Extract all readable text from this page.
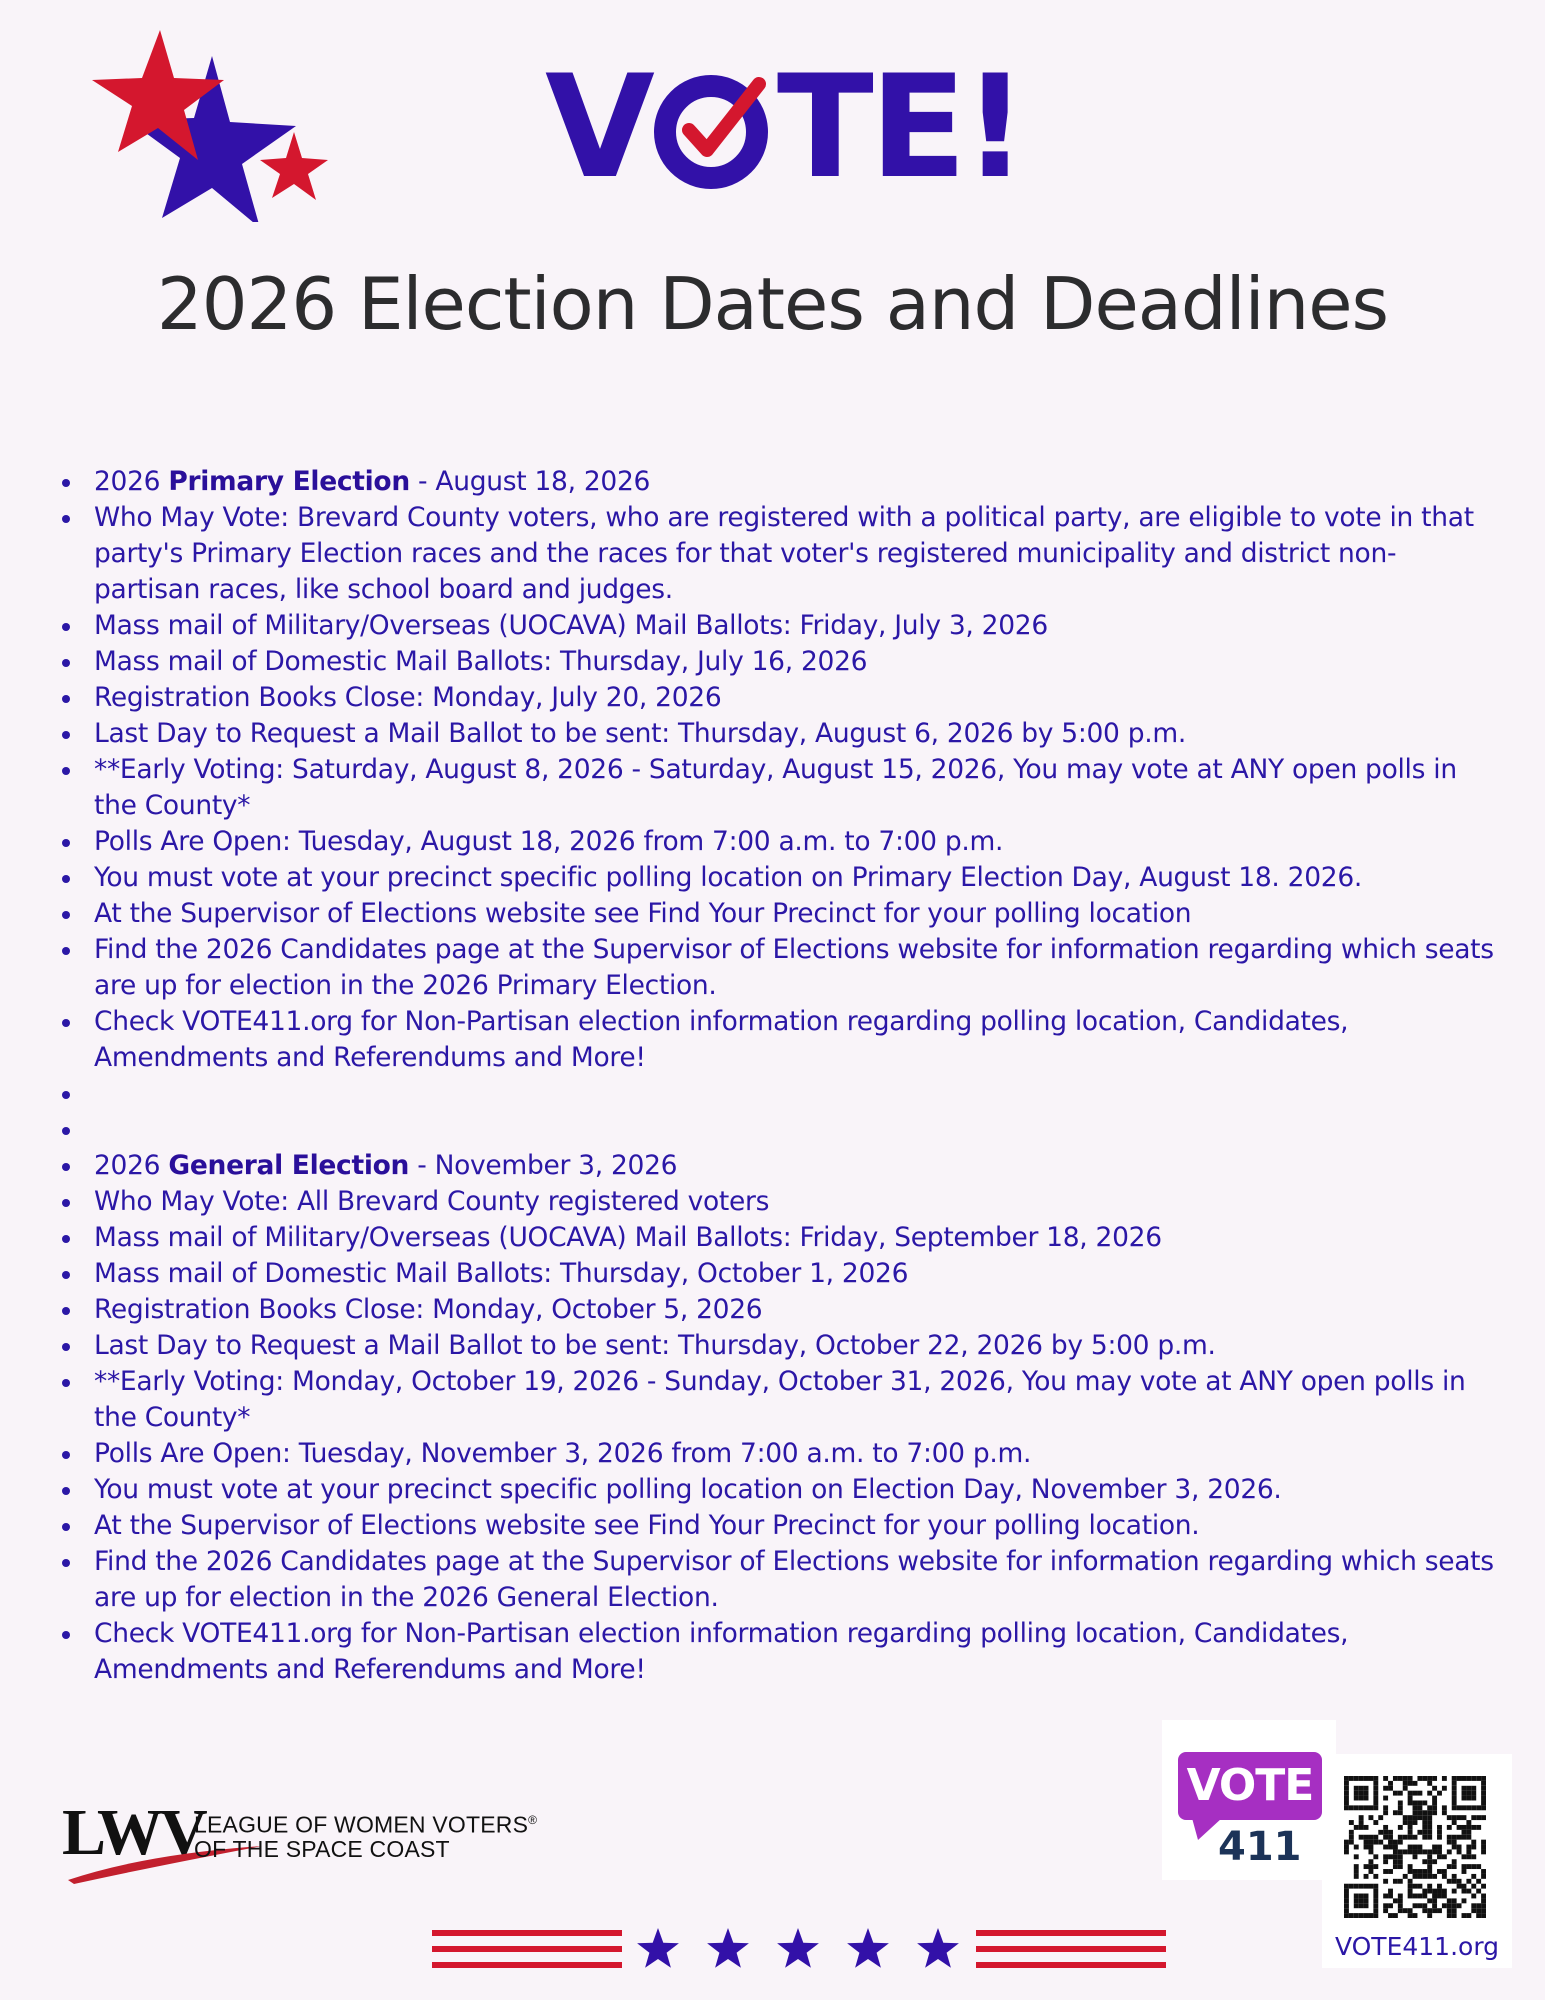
V TE!
2026 Election Dates and Deadlines
2026 Primary Election - August 18, 2026
Who May Vote: Brevard County voters, who are registered with a political party, are eligible to vote in that party's Primary Election races and the races for that voter's registered municipality and district non-partisan races, like school board and judges.
Mass mail of Military/Overseas (UOCAVA) Mail Ballots: Friday, July 3, 2026
Mass mail of Domestic Mail Ballots: Thursday, July 16, 2026
Registration Books Close: Monday, July 20, 2026
Last Day to Request a Mail Ballot to be sent: Thursday, August 6, 2026 by 5:00 p.m.
**Early Voting: Saturday, August 8, 2026 - Saturday, August 15, 2026, You may vote at ANY open polls in the County*
Polls Are Open: Tuesday, August 18, 2026 from 7:00 a.m. to 7:00 p.m.
You must vote at your precinct specific polling location on Primary Election Day, August 18. 2026.
At the Supervisor of Elections website see Find Your Precinct for your polling location
Find the 2026 Candidates page at the Supervisor of Elections website for information regarding which seats are up for election in the 2026 Primary Election.
Check VOTE411.org for Non-Partisan election information regarding polling location, Candidates, Amendments and Referendums and More!
2026 General Election - November 3, 2026
Who May Vote: All Brevard County registered voters
Mass mail of Military/Overseas (UOCAVA) Mail Ballots: Friday, September 18, 2026
Mass mail of Domestic Mail Ballots: Thursday, October 1, 2026
Registration Books Close: Monday, October 5, 2026
Last Day to Request a Mail Ballot to be sent: Thursday, October 22, 2026 by 5:00 p.m.
**Early Voting: Monday, October 19, 2026 - Sunday, October 31, 2026, You may vote at ANY open polls in the County*
Polls Are Open: Tuesday, November 3, 2026 from 7:00 a.m. to 7:00 p.m.
You must vote at your precinct specific polling location on Election Day, November 3, 2026.
At the Supervisor of Elections website see Find Your Precinct for your polling location.
Find the 2026 Candidates page at the Supervisor of Elections website for information regarding which seats are up for election in the 2026 General Election.
Check VOTE411.org for Non-Partisan election information regarding polling location, Candidates, Amendments and Referendums and More!
LWV
LEAGUE OF WOMEN VOTERS®
OF THE SPACE COAST
VOTE
411
VOTE411.org
